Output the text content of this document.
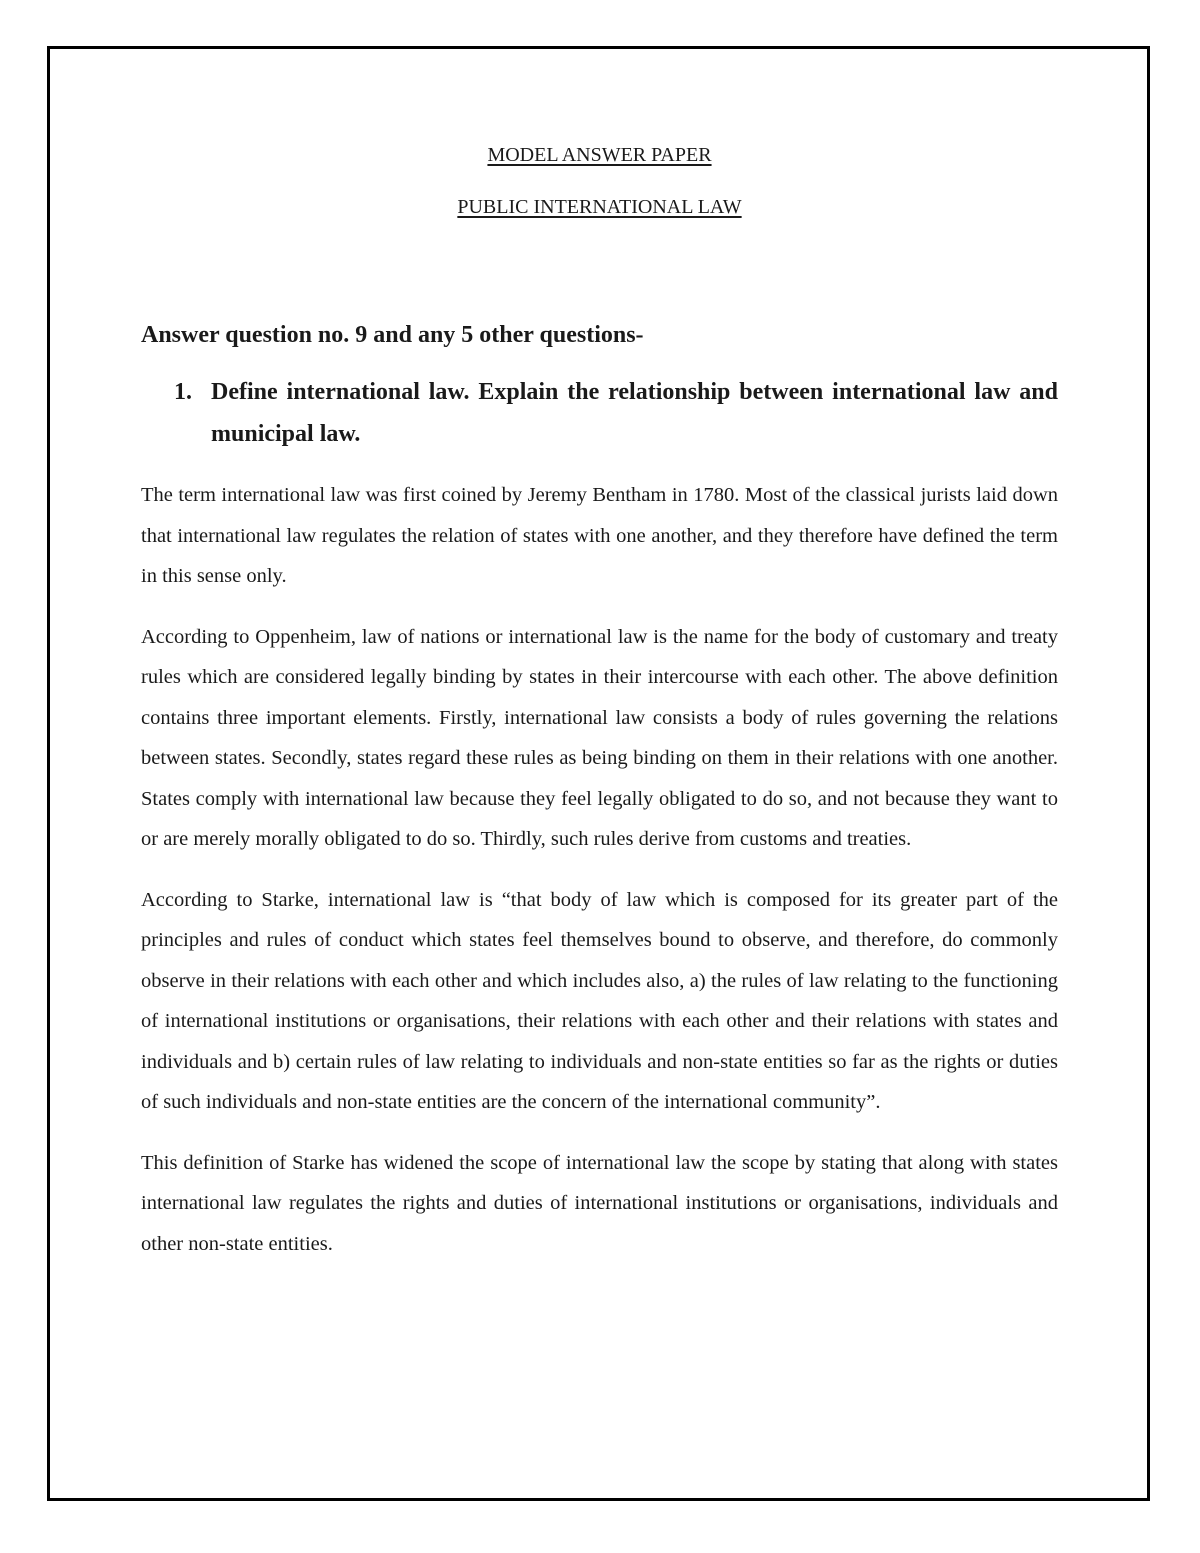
MODEL ANSWER PAPER

PUBLIC INTERNATIONAL LAW

Answer question no. 9 and any 5 other questions-

1. Define international law. Explain the relationship between international law and municipal law.

The term international law was first coined by Jeremy Bentham in 1780. Most of the classical jurists laid down that international law regulates the relation of states with one another, and they therefore have defined the term in this sense only.

According to Oppenheim, law of nations or international law is the name for the body of customary and treaty rules which are considered legally binding by states in their intercourse with each other. The above definition contains three important elements. Firstly, international law consists a body of rules governing the relations between states. Secondly, states regard these rules as being binding on them in their relations with one another. States comply with international law because they feel legally obligated to do so, and not because they want to or are merely morally obligated to do so. Thirdly, such rules derive from customs and treaties.

According to Starke, international law is “that body of law which is composed for its greater part of the principles and rules of conduct which states feel themselves bound to observe, and therefore, do commonly observe in their relations with each other and which includes also, a) the rules of law relating to the functioning of international institutions or organisations, their relations with each other and their relations with states and individuals and b) certain rules of law relating to individuals and non-state entities so far as the rights or duties of such individuals and non-state entities are the concern of the international community”.

This definition of Starke has widened the scope of international law the scope by stating that along with states international law regulates the rights and duties of international institutions or organisations, individuals and other non-state entities.
